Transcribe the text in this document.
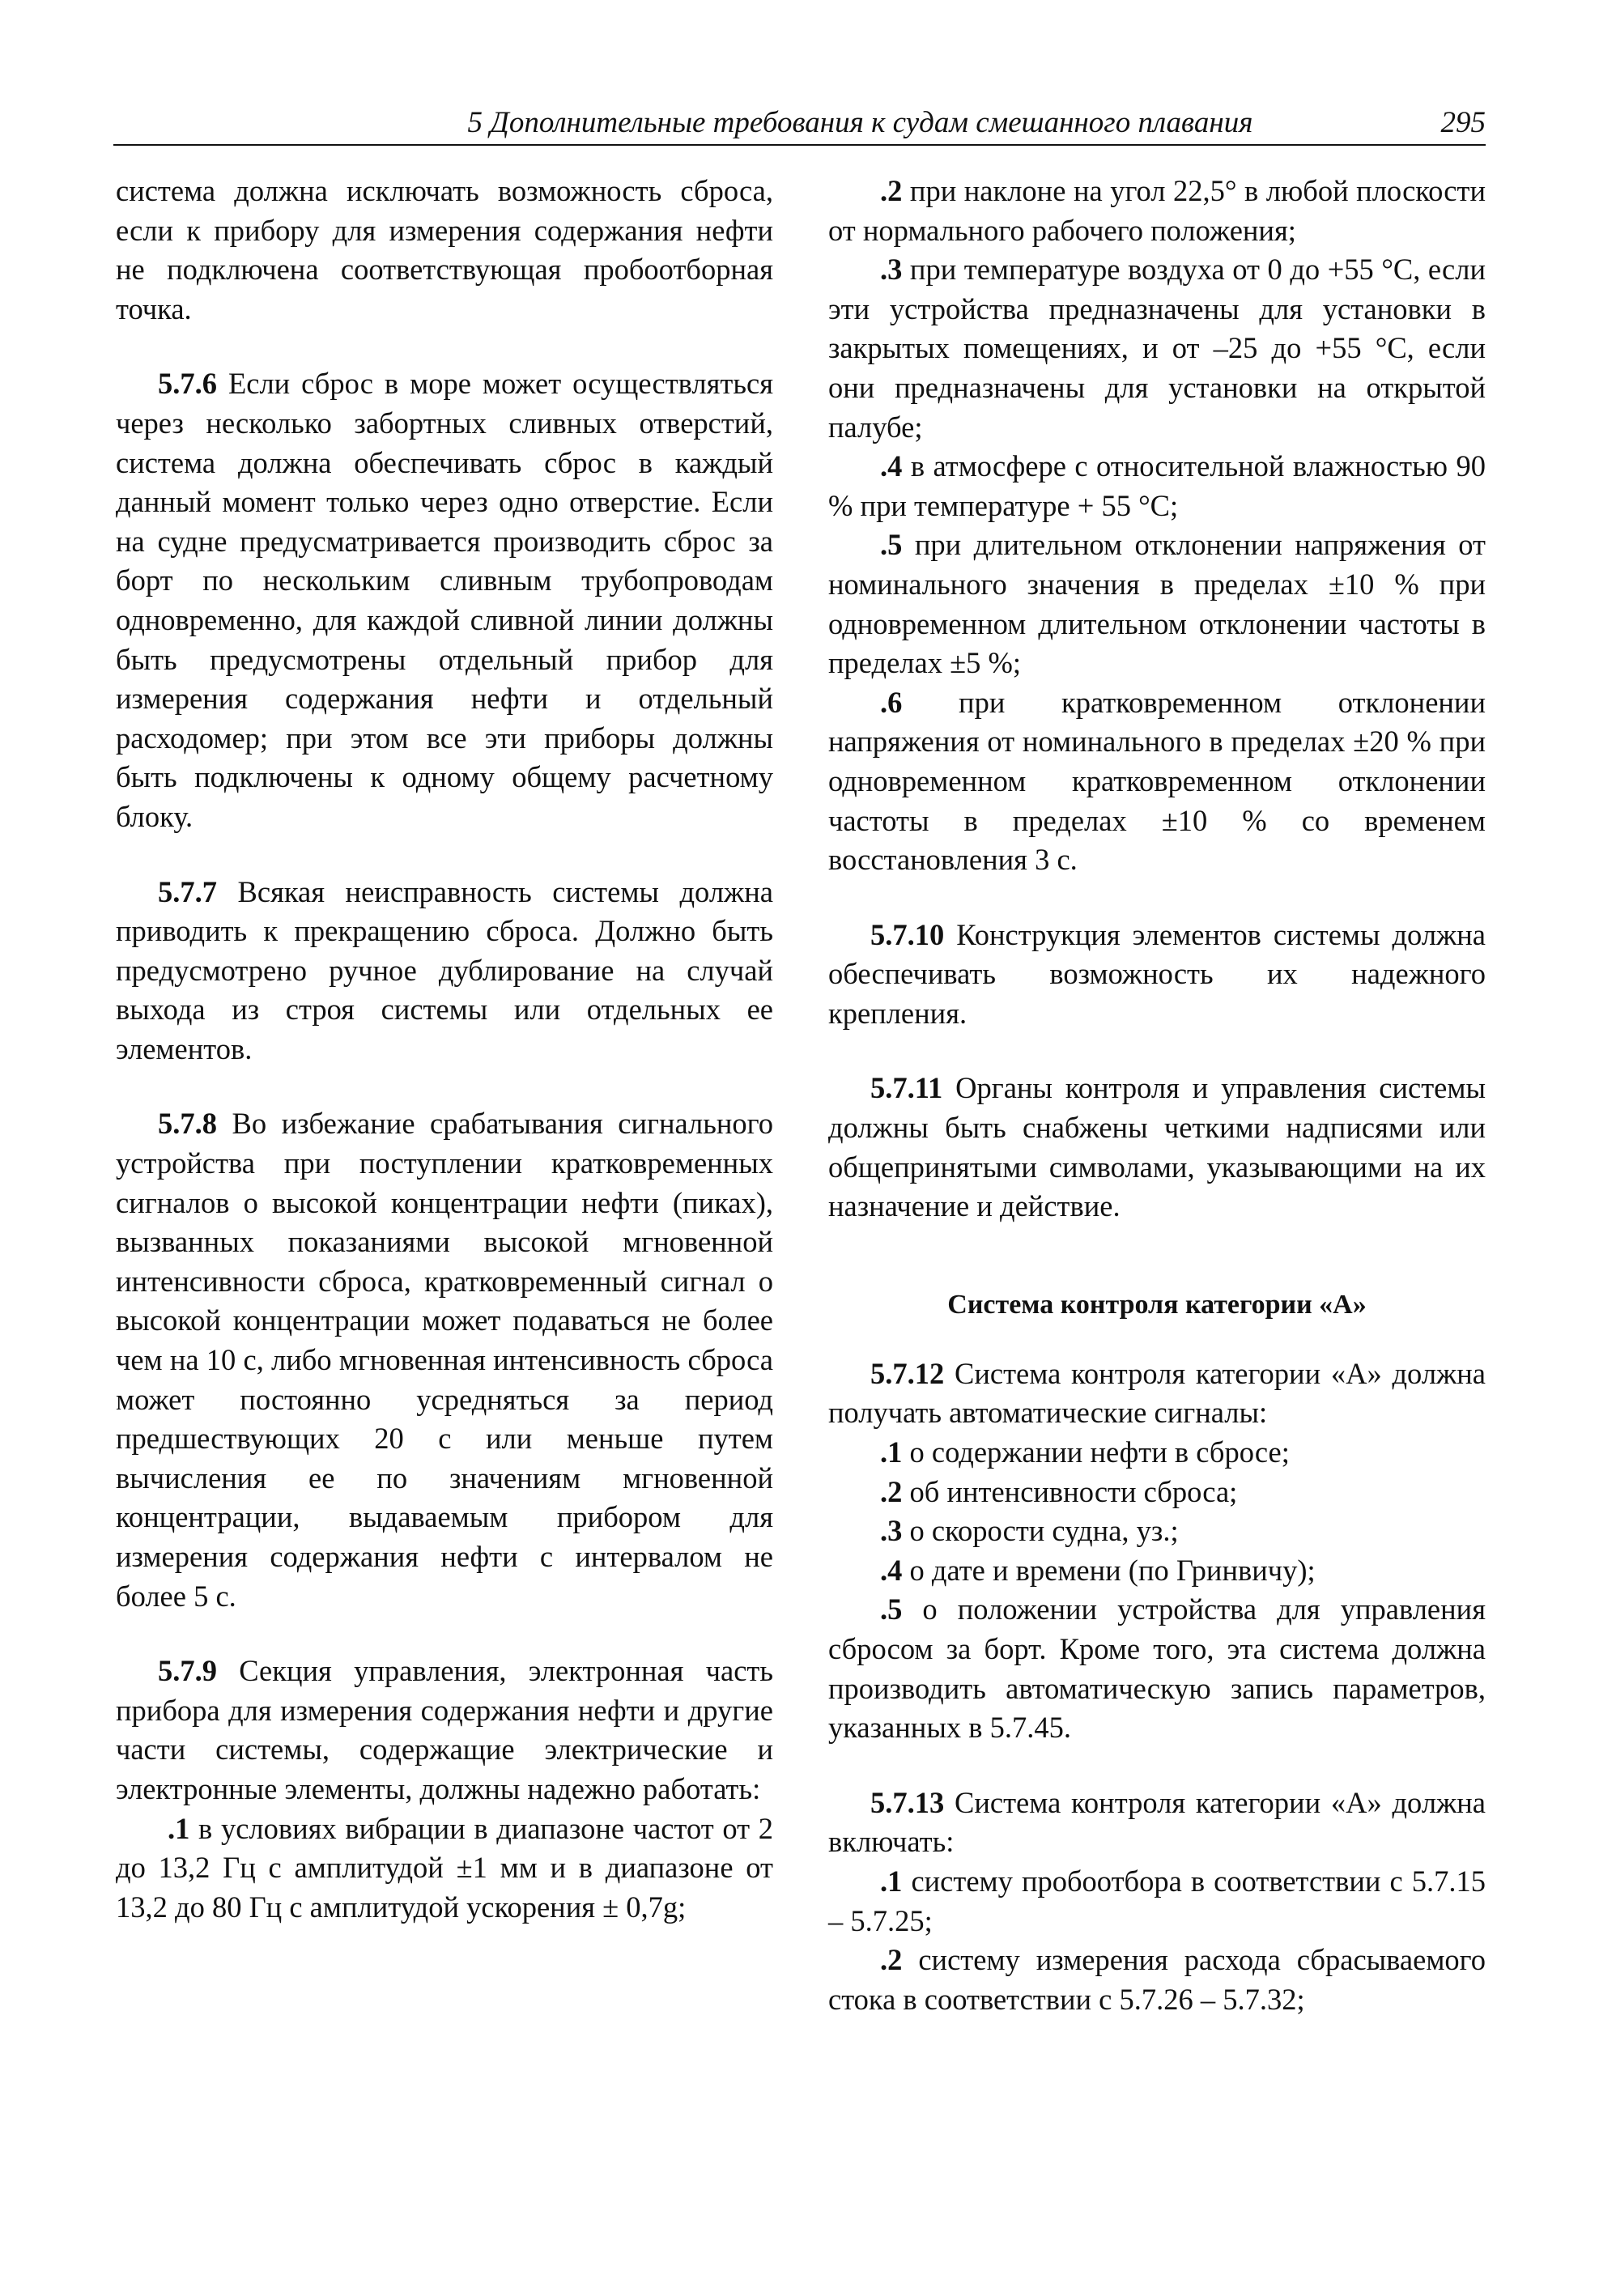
5 Дополнительные требования к судам смешанного плавания	295

система должна исключать возможность сброса, если к прибору для измерения содержания нефти не подключена соответствующая пробоотборная точка.

5.7.6 Если сброс в море может осуществляться через несколько забортных сливных отверстий, система должна обеспечивать сброс в каждый данный момент только через одно отверстие. Если на судне предусматривается производить сброс за борт по нескольким сливным трубопроводам одновременно, для каждой сливной линии должны быть предусмотрены отдельный прибор для измерения содержания нефти и отдельный расходомер; при этом все эти приборы должны быть подключены к одному общему расчетному блоку.

5.7.7 Всякая неисправность системы должна приводить к прекращению сброса. Должно быть предусмотрено ручное дублирование на случай выхода из строя системы или отдельных ее элементов.

5.7.8 Во избежание срабатывания сигнального устройства при поступлении кратковременных сигналов о высокой концентрации нефти (пиках), вызванных показаниями высокой мгновенной интенсивности сброса, кратковременный сигнал о высокой концентрации может подаваться не более чем на 10 с, либо мгновенная интенсивность сброса может постоянно усредняться за период предшествующих 20 с или меньше путем вычисления ее по значениям мгновенной концентрации, выдаваемым прибором для измерения содержания нефти с интервалом не более 5 с.

5.7.9 Секция управления, электронная часть прибора для измерения содержания нефти и другие части системы, содержащие электрические и электронные элементы, должны надежно работать:

.1 в условиях вибрации в диапазоне частот от 2 до 13,2 Гц с амплитудой ±1 мм и в диапазоне от 13,2 до 80 Гц с амплитудой ускорения ± 0,7g;

.2 при наклоне на угол 22,5° в любой плоскости от нормального рабочего положения;

.3 при температуре воздуха от 0 до +55 °С, если эти устройства предназначены для установки в закрытых помещениях, и от –25 до +55 °С, если они предназначены для установки на открытой палубе;

.4 в атмосфере с относительной влажностью 90 % при температуре + 55 °С;

.5 при длительном отклонении напряжения от номинального значения в пределах ±10 % при одновременном длительном отклонении частоты в пределах ±5 %;

.6 при кратковременном отклонении напряжения от номинального в пределах ±20 % при одновременном кратковременном отклонении частоты в пределах ±10 % со временем восстановления 3 с.

5.7.10 Конструкция элементов системы должна обеспечивать возможность их надежного крепления.

5.7.11 Органы контроля и управления системы должны быть снабжены четкими надписями или общепринятыми символами, указывающими на их назначение и действие.

Система контроля категории «А»

5.7.12 Система контроля категории «А» должна получать автоматические сигналы:

.1 о содержании нефти в сбросе;

.2 об интенсивности сброса;

.3 о скорости судна, уз.;

.4 о дате и времени (по Гринвичу);

.5 о положении устройства для управления сбросом за борт. Кроме того, эта система должна производить автоматическую запись параметров, указанных в 5.7.45.

5.7.13 Система контроля категории «А» должна включать:

.1 систему пробоотбора в соответствии с 5.7.15 – 5.7.25;

.2 систему измерения расхода сбрасываемого стока в соответствии с 5.7.26 – 5.7.32;
